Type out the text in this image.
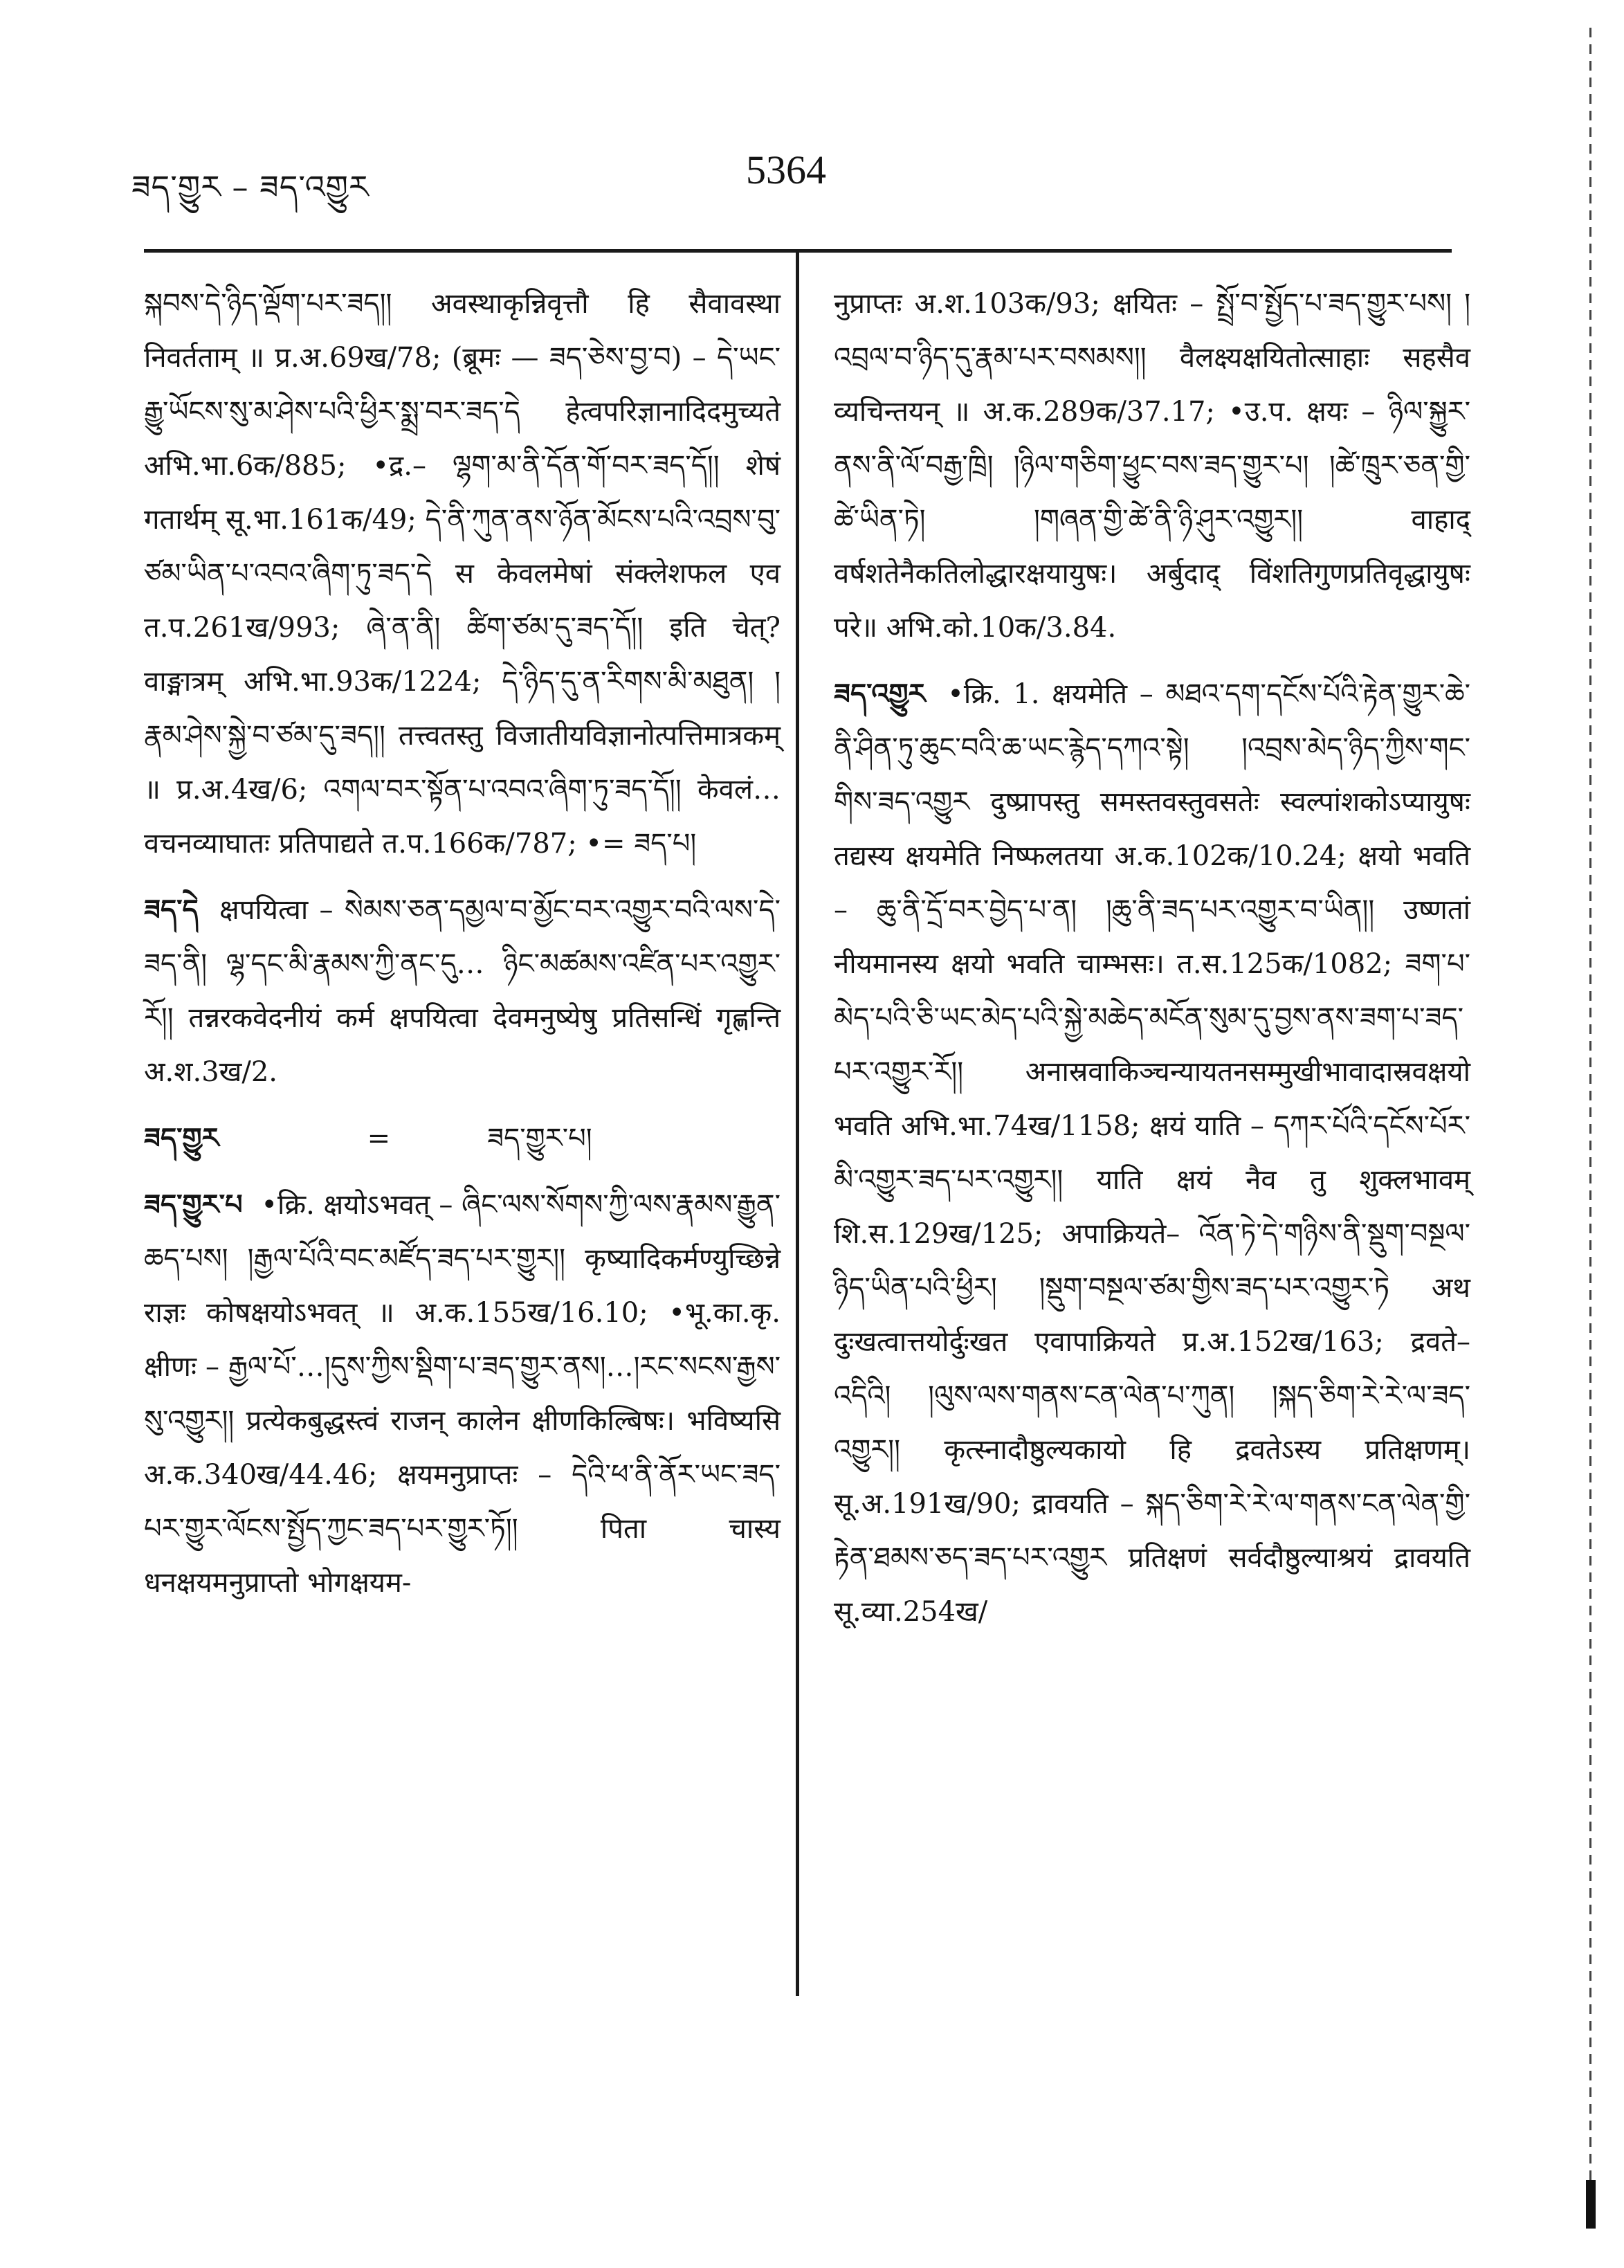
ཟད་གྱུར – ཟད་འགྱུར	5364

སྐབས་དེ་ཉིད་ལྡོག་པར་ཟད།། अवस्थाकृन्निवृत्तौ हि सैवावस्था निवर्तताम् ॥ प्र.अ.69ख/78; (ब्रूमः — ཟད་ཅེས་བྱ་བ) – དེ་ཡང་རྒྱུ་ཡོངས་སུ་མ་ཤེས་པའི་ཕྱིར་སྨྲ་བར་ཟད་དེ हेत्वपरिज्ञानादिदमुच्यते अभि.भा.6क/885; •द्र.– ལྷག་མ་ནི་དོན་གོ་བར་ཟད་དོ།། शेषं गतार्थम् सू.भा.161क/49; དེ་ནི་ཀུན་ནས་ཉོན་མོངས་པའི་འབྲས་བུ་ཙམ་ཡིན་པ་འབའ་ཞིག་ཏུ་ཟད་དེ स केवलमेषां संक्लेशफल एव त.प.261ख/993; ཞེ་ན་ནི། ཚིག་ཙམ་དུ་ཟད་དོ།། इति चेत्? वाङ्मात्रम् अभि.भा.93क/1224; དེ་ཉིད་དུ་ན་རིགས་མི་མཐུན། །རྣམ་ཤེས་སྐྱེ་བ་ཙམ་དུ་ཟད།། तत्त्वतस्तु विजातीयविज्ञानोत्पत्तिमात्रकम् ॥ प्र.अ.4ख/6; འགལ་བར་སྟོན་པ་འབའ་ཞིག་ཏུ་ཟད་དོ།། केवलं… वचनव्याघातः प्रतिपाद्यते त.प.166क/787; •= ཟད་པ།

ཟད་དེ क्षपयित्वा – སེམས་ཅན་དམྱལ་བ་མྱོང་བར་འགྱུར་བའི་ལས་དེ་ཟད་ནི། ལྷ་དང་མི་རྣམས་ཀྱི་ནང་དུ… ཉིང་མཚམས་འཛིན་པར་འགྱུར་རོ།། तन्नरकवेदनीयं कर्म क्षपयित्वा देवमनुष्येषु प्रतिसन्धिं गृह्णन्ति अ.श.3ख/2.

ཟད་གྱུར	=	ཟད་གྱུར་པ།

ཟད་གྱུར་པ •क्रि. क्षयोऽभवत् – ཞིང་ལས་སོགས་ཀྱི་ལས་རྣམས་རྒྱུན་ཆད་པས། །རྒྱལ་པོའི་བང་མཛོད་ཟད་པར་གྱུར།། कृष्यादिकर्मण्युच्छिन्ने राज्ञः कोषक्षयोऽभवत् ॥ अ.क.155ख/16.10; •भू.का.कृ. क्षीणः – རྒྱལ་པོ་…།དུས་ཀྱིས་སྡིག་པ་ཟད་གྱུར་ནས།…།རང་སངས་རྒྱས་སུ་འགྱུར།། प्रत्येकबुद्धस्त्वं राजन् कालेन क्षीणकिल्बिषः। भविष्यसि अ.क.340ख/44.46; क्षयमनुप्राप्तः – དེའི་ཕ་ནི་ནོར་ཡང་ཟད་པར་གྱུར་ལོངས་སྤྱོད་ཀྱང་ཟད་པར་གྱུར་ཏོ།། पिता चास्य धनक्षयमनुप्राप्तो भोगक्षयम-

नुप्राप्तः अ.श.103क/93; क्षयितः – སྤྲོ་བ་སྤྱོད་པ་ཟད་གྱུར་པས། །འབྲལ་བ་ཉིད་དུ་རྣམ་པར་བསམས།། वैलक्ष्यक्षयितोत्साहाः सहसैव व्यचिन्तयन् ॥ अ.क.289क/37.17; •उ.प. क्षयः – ཉིལ་སྐྱུར་ནས་ནི་ལོ་བརྒྱ་ཁྲི། །ཉིལ་གཅིག་ཕྱུང་བས་ཟད་གྱུར་པ། །ཚེ་ཁྲུར་ཅན་གྱི་ཚེ་ཡིན་ཏེ། །གཞན་གྱི་ཚེ་ནི་ཉི་ཤུར་འགྱུར།། वाहाद् वर्षशतेनैकतिलोद्धारक्षयायुषः। अर्बुदाद् विंशतिगुणप्रतिवृद्धायुषः परे॥ अभि.को.10क/3.84.

ཟད་འགྱུར •क्रि. 1. क्षयमेति – མཐའ་དག་དངོས་པོའི་རྟེན་གྱུར་ཆེ་ནི་ཤིན་ཏུ་ཆུང་བའི་ཆ་ཡང་རྙེད་དཀའ་སྟེ། །འབྲས་མེད་ཉིད་ཀྱིས་གང་གིས་ཟད་འགྱུར दुष्प्रापस्तु समस्तवस्तुवसतेः स्वल्पांशकोऽप्यायुषः तद्यस्य क्षयमेति निष्फलतया अ.क.102क/10.24; क्षयो भवति – ཆུ་ནི་དྲོ་བར་བྱེད་པ་ན། །ཆུ་ནི་ཟད་པར་འགྱུར་བ་ཡིན།། उष्णतां नीयमानस्य क्षयो भवति चाम्भसः। त.स.125क/1082; ཟག་པ་མེད་པའི་ཅི་ཡང་མེད་པའི་སྐྱེ་མཆེད་མངོན་སུམ་དུ་བྱས་ནས་ཟག་པ་ཟད་པར་འགྱུར་རོ།། अनास्रवाकिञ्चन्यायतनसम्मुखीभावादास्रवक्षयो भवति अभि.भा.74ख/1158; क्षयं याति – དཀར་པོའི་དངོས་པོར་མི་འགྱུར་ཟད་པར་འགྱུར།། याति क्षयं नैव तु शुक्लभावम् शि.स.129ख/125; अपाक्रियते– འོན་ཏེ་དེ་གཉིས་ནི་སྡུག་བསྔལ་ཉིད་ཡིན་པའི་ཕྱིར། །སྡུག་བསྔལ་ཙམ་གྱིས་ཟད་པར་འགྱུར་ཏེ अथ दुःखत्वात्तयोर्दुःखत एवापाक्रियते प्र.अ.152ख/163; द्रवते– འདིའི། །ལུས་ལས་གནས་ངན་ལེན་པ་ཀུན། །སྐད་ཅིག་རེ་རེ་ལ་ཟད་འགྱུར།། कृत्स्नादौष्ठुल्यकायो हि द्रवतेऽस्य प्रतिक्षणम्। सू.अ.191ख/90; द्रावयति – སྐད་ཅིག་རེ་རེ་ལ་གནས་ངན་ལེན་གྱི་རྟེན་ཐམས་ཅད་ཟད་པར་འགྱུར प्रतिक्षणं सर्वदौष्ठुल्याश्रयं द्रावयति सू.व्या.254ख/
